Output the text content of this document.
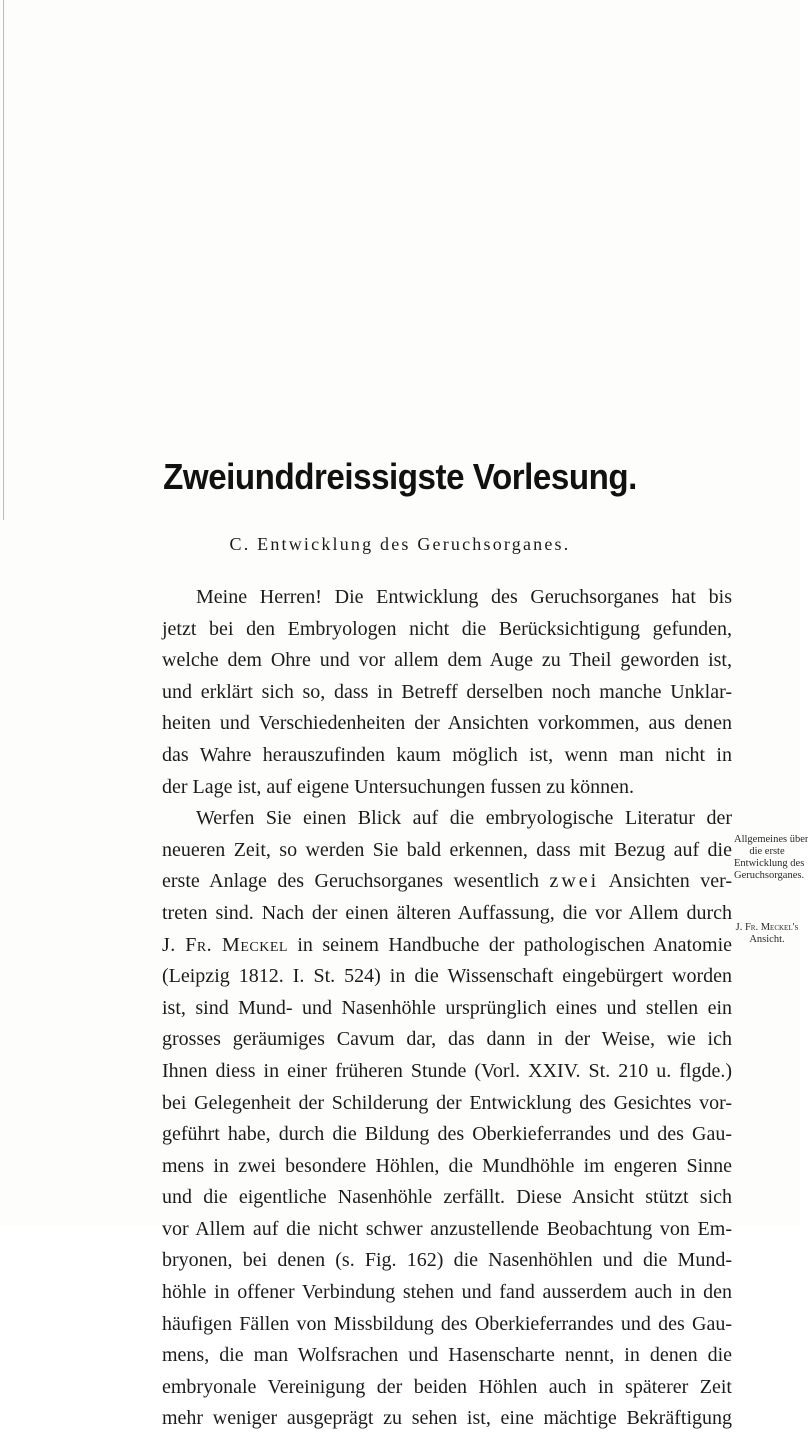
Zweiunddreissigste Vorlesung.
C. Entwicklung des Geruchsorganes.
Meine Herren! Die Entwicklung des Geruchsorganes hat bis
jetzt bei den Embryologen nicht die Berücksichtigung gefunden,
welche dem Ohre und vor allem dem Auge zu Theil geworden ist,
und erklärt sich so, dass in Betreff derselben noch manche Unklar-
heiten und Verschiedenheiten der Ansichten vorkommen, aus denen
das Wahre herauszufinden kaum möglich ist, wenn man nicht in
der Lage ist, auf eigene Untersuchungen fussen zu können.
Werfen Sie einen Blick auf die embryologische Literatur der
neueren Zeit, so werden Sie bald erkennen, dass mit Bezug auf die
erste Anlage des Geruchsorganes wesentlich zwei Ansichten ver-
treten sind. Nach der einen älteren Auffassung, die vor Allem durch
J. Fr. Meckel in seinem Handbuche der pathologischen Anatomie
(Leipzig 1812. I. St. 524) in die Wissenschaft eingebürgert worden
ist, sind Mund- und Nasenhöhle ursprünglich eines und stellen ein
grosses geräumiges Cavum dar, das dann in der Weise, wie ich
Ihnen diess in einer früheren Stunde (Vorl. XXIV. St. 210 u. flgde.)
bei Gelegenheit der Schilderung der Entwicklung des Gesichtes vor-
geführt habe, durch die Bildung des Oberkieferrandes und des Gau-
mens in zwei besondere Höhlen, die Mundhöhle im engeren Sinne
und die eigentliche Nasenhöhle zerfällt. Diese Ansicht stützt sich
vor Allem auf die nicht schwer anzustellende Beobachtung von Em-
bryonen, bei denen (s. Fig. 162) die Nasenhöhlen und die Mund-
höhle in offener Verbindung stehen und fand ausserdem auch in den
häufigen Fällen von Missbildung des Oberkieferrandes und des Gau-
mens, die man Wolfsrachen und Hasenscharte nennt, in denen die
embryonale Vereinigung der beiden Höhlen auch in späterer Zeit
mehr weniger ausgeprägt zu sehen ist, eine mächtige Bekräftigung
Allgemeines über
die erste
Entwicklung des
Geruchsorganes.
J. Fr. Meckel's
Ansicht.
